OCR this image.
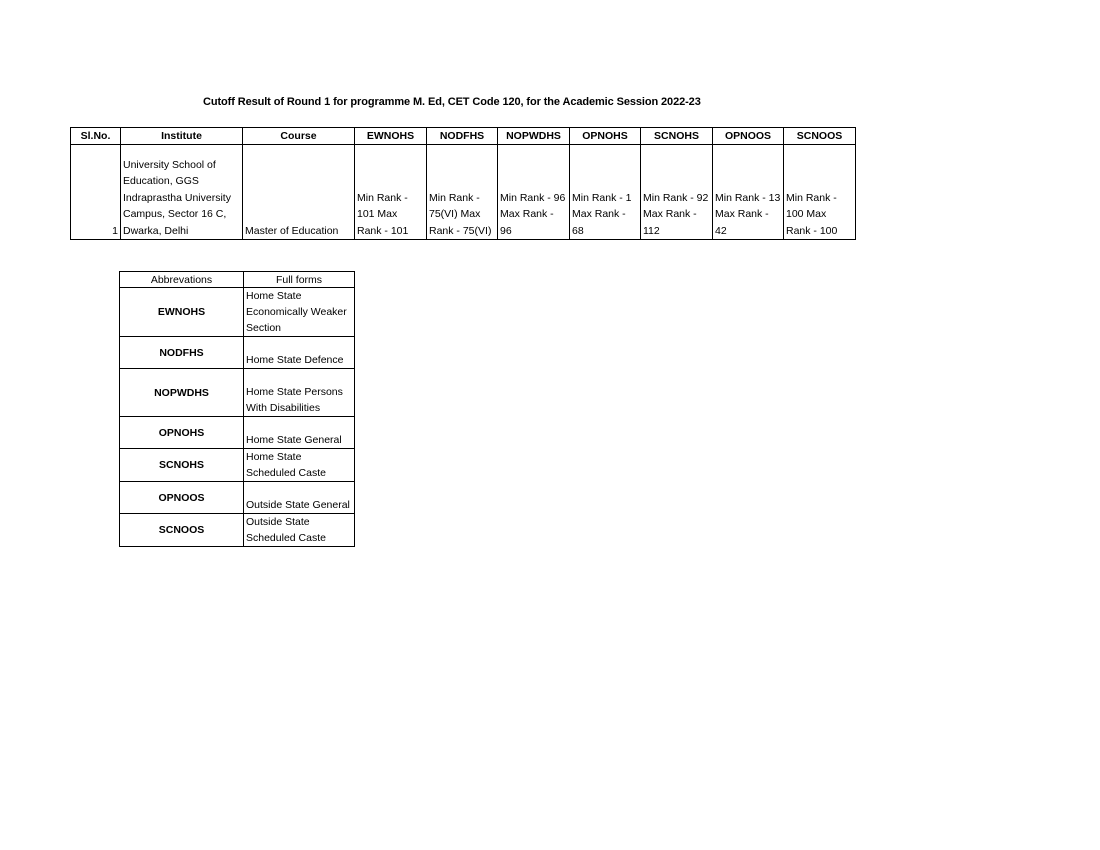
Cutoff Result of Round 1 for programme M. Ed, CET Code 120, for the Academic Session 2022-23
Sl.No.	Institute	Course	EWNOHS	NODFHS	NOPWDHS	OPNOHS	SCNOHS	OPNOOS	SCNOOS
1	University School of Education, GGS Indraprastha University Campus, Sector 16 C, Dwarka, Delhi	Master of Education	Min Rank - 101 Max Rank - 101	Min Rank - 75(VI) Max Rank - 75(VI)	Min Rank - 96 Max Rank - 96	Min Rank - 1 Max Rank - 68	Min Rank - 92 Max Rank - 112	Min Rank - 13 Max Rank - 42	Min Rank - 100 Max Rank - 100
Abbrevations	Full forms
EWNOHS	Home State Economically Weaker Section
NODFHS	Home State Defence
NOPWDHS	Home State Persons With Disabilities
OPNOHS	Home State General
SCNOHS	Home State Scheduled Caste
OPNOOS	Outside State General
SCNOOS	Outside State Scheduled Caste
